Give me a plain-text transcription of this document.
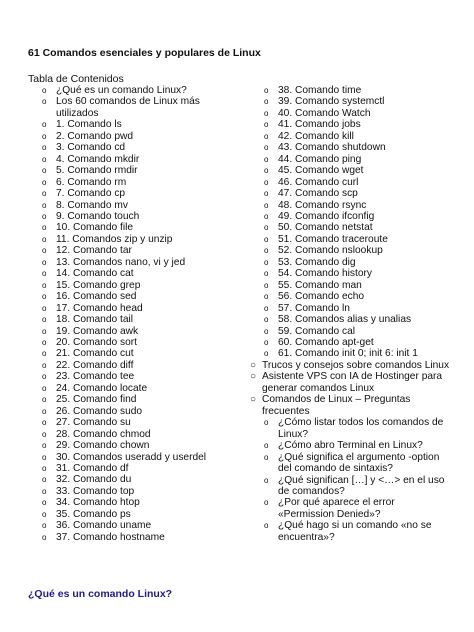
61 Comandos esenciales y populares de Linux
Tabla de Contenidos
o ¿Qué es un comando Linux?
o Los 60 comandos de Linux más utilizados
o 1. Comando ls
o 2. Comando pwd
o 3. Comando cd
o 4. Comando mkdir
o 5. Comando rmdir
o 6. Comando rm
o 7. Comando cp
o 8. Comando mv
o 9. Comando touch
o 10. Comando file
o 11. Comandos zip y unzip
o 12. Comando tar
o 13. Comandos nano, vi y jed
o 14. Comando cat
o 15. Comando grep
o 16. Comando sed
o 17. Comando head
o 18. Comando tail
o 19. Comando awk
o 20. Comando sort
o 21. Comando cut
o 22. Comando diff
o 23. Comando tee
o 24. Comando locate
o 25. Comando find
o 26. Comando sudo
o 27. Comando su
o 28. Comando chmod
o 29. Comando chown
o 30. Comandos useradd y userdel
o 31. Comando df
o 32. Comando du
o 33. Comando top
o 34. Comando htop
o 35. Comando ps
o 36. Comando uname
o 37. Comando hostname
o 38. Comando time
o 39. Comando systemctl
o 40. Comando Watch
o 41. Comando jobs
o 42. Comando kill
o 43. Comando shutdown
o 44. Comando ping
o 45. Comando wget
o 46. Comando curl
o 47. Comando scp
o 48. Comando rsync
o 49. Comando ifconfig
o 50. Comando netstat
o 51. Comando traceroute
o 52. Comando nslookup
o 53. Comando dig
o 54. Comando history
o 55. Comando man
o 56. Comando echo
o 57. Comando ln
o 58. Comandos alias y unalias
o 59. Comando cal
o 60. Comando apt-get
o 61. Comando init 0; init 6: init 1
○ Trucos y consejos sobre comandos Linux
○ Asistente VPS con IA de Hostinger para generar comandos Linux
○ Comandos de Linux – Preguntas frecuentes
o ¿Cómo listar todos los comandos de Linux?
o ¿Cómo abro Terminal en Linux?
o ¿Qué significa el argumento -option del comando de sintaxis?
o ¿Qué significan […] y <…> en el uso de comandos?
o ¿Por qué aparece el error «Permission Denied»?
o ¿Qué hago si un comando «no se encuentra»?
¿Qué es un comando Linux?
